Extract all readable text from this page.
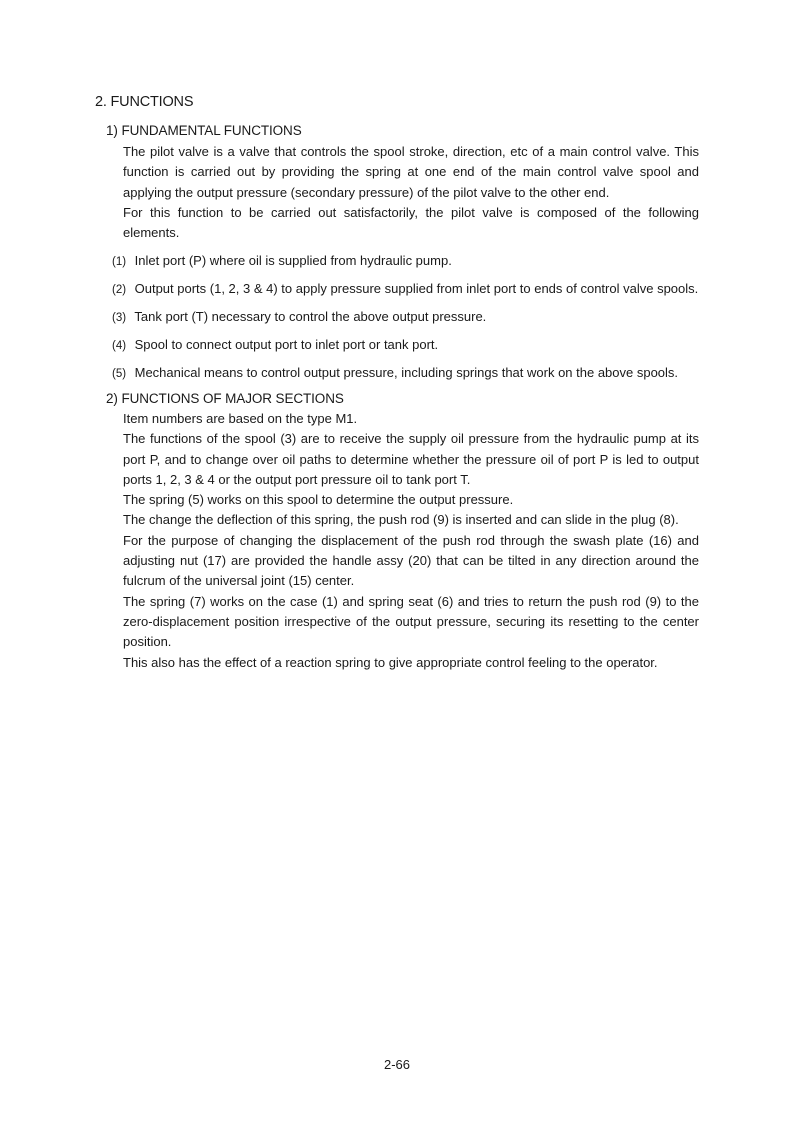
2. FUNCTIONS
1) FUNDAMENTAL FUNCTIONS

The pilot valve is a valve that controls the spool stroke, direction, etc of a main control valve. This function is carried out by providing the spring at one end of the main control valve spool and applying the output pressure (secondary pressure) of the pilot valve to the other end.

For this function to be carried out satisfactorily, the pilot valve is composed of the following elements.

(1) Inlet port (P) where oil is supplied from hydraulic pump.
(2) Output ports (1, 2, 3 & 4) to apply pressure supplied from inlet port to ends of control valve spools.
(3) Tank port (T) necessary to control the above output pressure.
(4) Spool to connect output port to inlet port or tank port.
(5) Mechanical means to control output pressure, including springs that work on the above spools.
2) FUNCTIONS OF MAJOR SECTIONS

Item numbers are based on the type M1.

The functions of the spool (3) are to receive the supply oil pressure from the hydraulic pump at its port P, and to change over oil paths to determine whether the pressure oil of port P is led to output ports 1, 2, 3 & 4 or the output port pressure oil to tank port T.

The spring (5) works on this spool to determine the output pressure.

The change the deflection of this spring, the push rod (9) is inserted and can slide in the plug (8).

For the purpose of changing the displacement of the push rod through the swash plate (16) and adjusting nut (17) are provided the handle assy (20) that can be tilted in any direction around the fulcrum of the universal joint (15) center.

The spring (7) works on the case (1) and spring seat (6) and tries to return the push rod (9) to the zero-displacement position irrespective of the output pressure, securing its resetting to the center position.

This also has the effect of a reaction spring to give appropriate control feeling to the operator.

2-66
